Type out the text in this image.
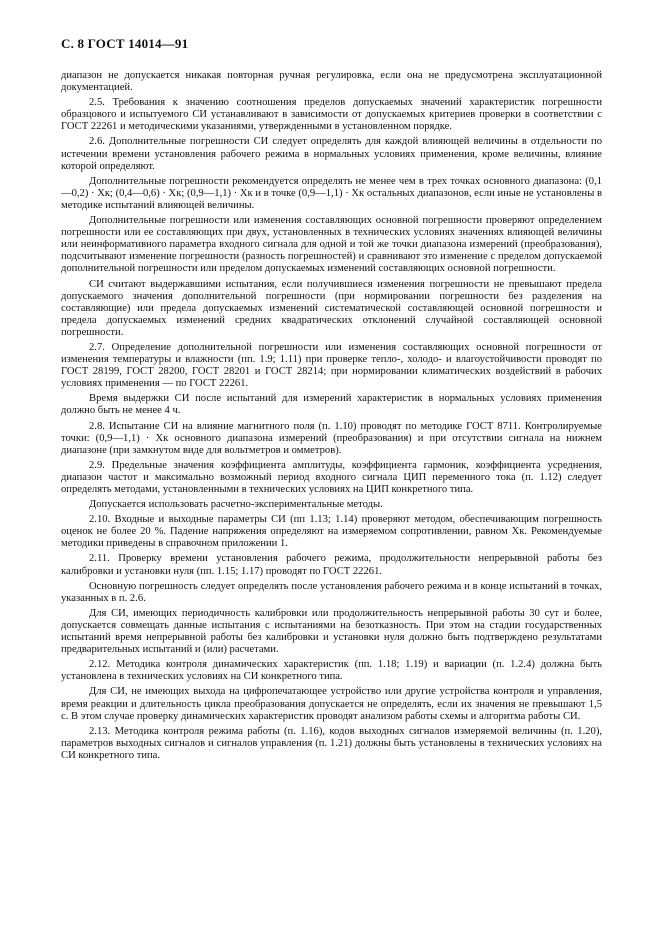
С. 8 ГОСТ 14014—91

диапазон не допускается никакая повторная ручная регулировка, если она не предусмотрена эксплуатационной документацией.

2.5. Требования к значению соотношения пределов допускаемых значений характеристик погрешности образцового и испытуемого СИ устанавливают в зависимости от допускаемых критериев проверки в соответствии с ГОСТ 22261 и методическими указаниями, утвержденными в установленном порядке.

2.6. Дополнительные погрешности СИ следует определять для каждой влияющей величины в отдельности по истечении времени установления рабочего режима в нормальных условиях применения, кроме величины, влияние которой определяют.

Дополнительные погрешности рекомендуется определять не менее чем в трех точках основного диапазона: (0,1—0,2) · Xк; (0,4—0,6) · Xк; (0,9—1,1) · Xк и в точке (0,9—1,1) · Xк остальных диапазонов, если иные не установлены в методике испытаний влияющей величины.

Дополнительные погрешности или изменения составляющих основной погрешности проверяют определением погрешности или ее составляющих при двух, установленных в технических условиях значениях влияющей величины или неинформативного параметра входного сигнала для одной и той же точки диапазона измерений (преобразования), подсчитывают изменение погрешности (разность погрешностей) и сравнивают это изменение с пределом допускаемой дополнительной погрешности или пределом допускаемых изменений составляющих основной погрешности.

СИ считают выдержавшими испытания, если получившиеся изменения погрешности не превышают предела допускаемого значения дополнительной погрешности (при нормировании погрешности без разделения на составляющие) или предела допускаемых изменений систематической составляющей основной погрешности и предела допускаемых изменений средних квадратических отклонений случайной составляющей основной погрешности.

2.7. Определение дополнительной погрешности или изменения составляющих основной погрешности от изменения температуры и влажности (пп. 1.9; 1.11) при проверке тепло-, холодо- и влагоустойчивости проводят по ГОСТ 28199, ГОСТ 28200, ГОСТ 28201 и ГОСТ 28214; при нормировании климатических воздействий в рабочих условиях применения — по ГОСТ 22261.

Время выдержки СИ после испытаний для измерений характеристик в нормальных условиях применения должно быть не менее 4 ч.

2.8. Испытание СИ на влияние магнитного поля (п. 1.10) проводят по методике ГОСТ 8711. Контролируемые точки: (0,9—1,1) · Xк основного диапазона измерений (преобразования) и при отсутствии сигнала на нижнем диапазоне (при замкнутом виде для вольтметров и омметров).

2.9. Предельные значения коэффициента амплитуды, коэффициента гармоник, коэффициента усреднения, диапазон частот и максимально возможный период входного сигнала ЦИП переменного тока (п. 1.12) следует определять методами, установленными в технических условиях на ЦИП конкретного типа.

Допускается использовать расчетно-экспериментальные методы.

2.10. Входные и выходные параметры СИ (пп 1.13; 1.14) проверяют методом, обеспечивающим погрешность оценок не более 20 %. Падение напряжения определяют на измеряемом сопротивлении, равном Xк. Рекомендуемые методики приведены в справочном приложении 1.

2.11. Проверку времени установления рабочего режима, продолжительности непрерывной работы без калибровки и установки нуля (пп. 1.15; 1.17) проводят по ГОСТ 22261.

Основную погрешность следует определять после установления рабочего режима и в конце испытаний в точках, указанных в п. 2.6.

Для СИ, имеющих периодичность калибровки или продолжительность непрерывной работы 30 сут и более, допускается совмещать данные испытания с испытаниями на безотказность. При этом на стадии государственных испытаний время непрерывной работы без калибровки и установки нуля должно быть подтверждено результатами предварительных испытаний и (или) расчетами.

2.12. Методика контроля динамических характеристик (пп. 1.18; 1.19) и вариации (п. 1.2.4) должна быть установлена в технических условиях на СИ конкретного типа.

Для СИ, не имеющих выхода на цифропечатающее устройство или другие устройства контроля и управления, время реакции и длительность цикла преобразования допускается не определять, если их значения не превышают 1,5 с. В этом случае проверку динамических характеристик проводят анализом работы схемы и алгоритма работы СИ.

2.13. Методика контроля режима работы (п. 1.16), кодов выходных сигналов измеряемой величины (п. 1.20), параметров выходных сигналов и сигналов управления (п. 1.21) должны быть установлены в технических условиях на СИ конкретного типа.
